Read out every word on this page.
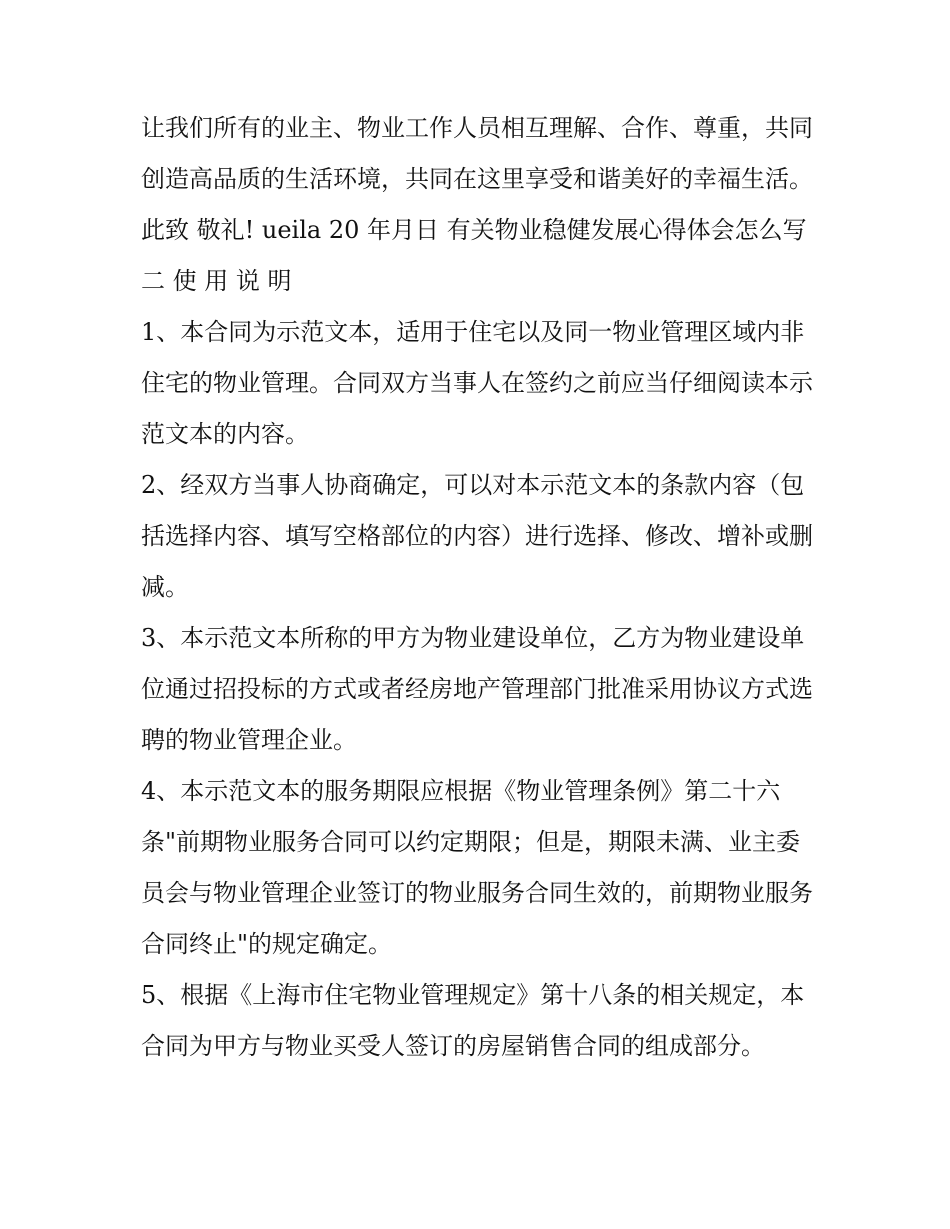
让我们所有的业主、物业工作人员相互理解、合作、尊重，共同创造高品质的生活环境，共同在这里享受和谐美好的幸福生活。

此致 敬礼! ueila 20 年月日 有关物业稳健发展心得体会怎么写

二 使 用 说 明

1、本合同为示范文本，适用于住宅以及同一物业管理区域内非住宅的物业管理。合同双方当事人在签约之前应当仔细阅读本示范文本的内容。

2、经双方当事人协商确定，可以对本示范文本的条款内容（包括选择内容、填写空格部位的内容）进行选择、修改、增补或删减。

3、本示范文本所称的甲方为物业建设单位，乙方为物业建设单位通过招投标的方式或者经房地产管理部门批准采用协议方式选聘的物业管理企业。

4、本示范文本的服务期限应根据《物业管理条例》第二十六条"前期物业服务合同可以约定期限；但是，期限未满、业主委员会与物业管理企业签订的物业服务合同生效的，前期物业服务合同终止"的规定确定。

5、根据《上海市住宅物业管理规定》第十八条的相关规定，本合同为甲方与物业买受人签订的房屋销售合同的组成部分。
